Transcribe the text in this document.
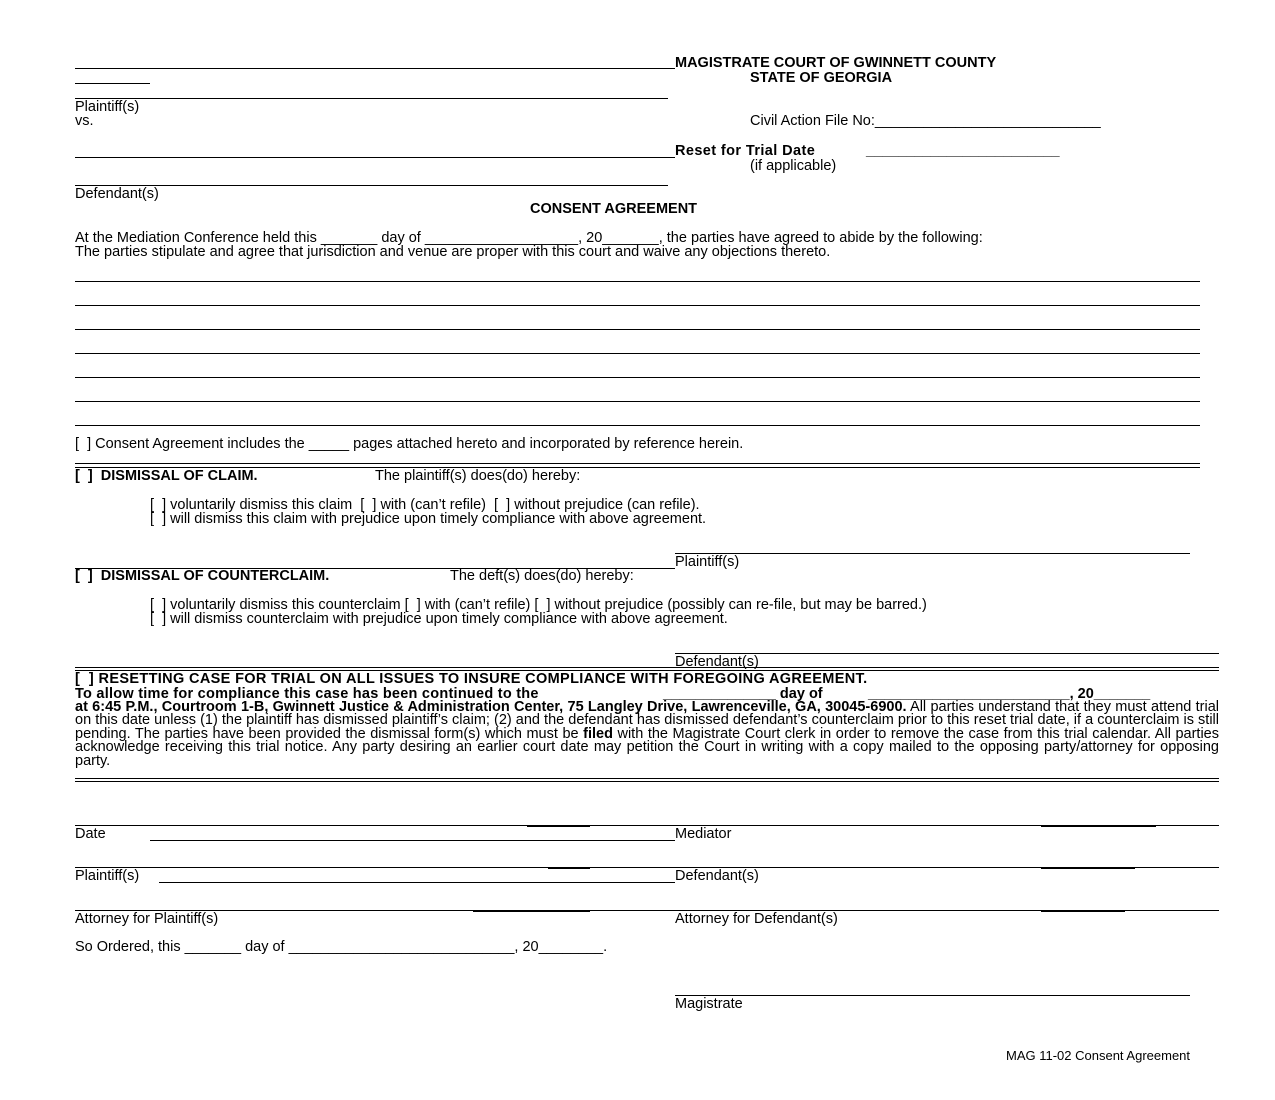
MAGISTRATE COURT OF GWINNETT COUNTY
STATE OF GEORGIA
Plaintiff(s)
vs.	Civil Action File No:____________________________
Reset for Trial Date	________________________
(if applicable)
Defendant(s)
CONSENT AGREEMENT
At the Mediation Conference held this _______ day of ___________________, 20_______, the parties have agreed to abide by the following:
The parties stipulate and agree that jurisdiction and venue are proper with this court and waive any objections thereto.
[  ] Consent Agreement includes the _____ pages attached hereto and incorporated by reference herein.
[  ]  DISMISSAL OF CLAIM.	The plaintiff(s) does(do) hereby:
[  ] voluntarily dismiss this claim  [  ] with (can’t refile)  [  ] without prejudice (can refile).
[  ] will dismiss this claim with prejudice upon timely compliance with above agreement.
Plaintiff(s)
[  ]  DISMISSAL OF COUNTERCLAIM.	The deft(s) does(do) hereby:
[  ] voluntarily dismiss this counterclaim [  ] with (can’t refile) [  ] without prejudice (possibly can re-file, but may be barred.)
[  ] will dismiss counterclaim with prejudice upon timely compliance with above agreement.
Defendant(s)
[  ] RESETTING CASE FOR TRIAL ON ALL ISSUES TO INSURE COMPLIANCE WITH FOREGOING AGREEMENT.
To allow time for compliance this case has been continued to the	______________ day of	_________________________, 20_______
at 6:45 P.M., Courtroom 1-B, Gwinnett Justice & Administration Center, 75 Langley Drive, Lawrenceville, GA, 30045-6900. All parties understand that they must attend trial on this date unless (1) the plaintiff has dismissed plaintiff’s claim; (2) and the defendant has dismissed defendant’s counterclaim prior to this reset trial date, if a counterclaim is still pending. The parties have been provided the dismissal form(s) which must be filed with the Magistrate Court clerk in order to remove the case from this trial calendar. All parties acknowledge receiving this trial notice. Any party desiring an earlier court date may petition the Court in writing with a copy mailed to the opposing party/attorney for opposing party.
Date	Mediator
Plaintiff(s)	Defendant(s)
Attorney for Plaintiff(s)	Attorney for Defendant(s)
So Ordered, this _______ day of ____________________________, 20________.
Magistrate
MAG 11-02 Consent Agreement
